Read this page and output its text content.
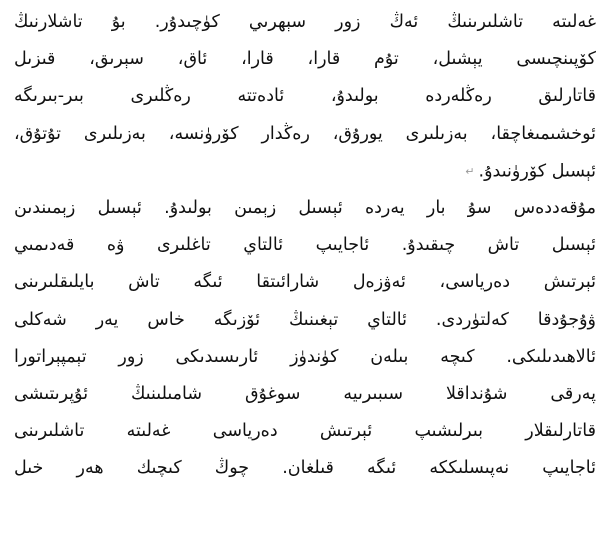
غەلىتە تاشلىرىنىڭ ئەڭ زور سېھرىي كۈچىدۇر. بۇ تاشلارنىڭ
كۆپىنچىسى يېشىل، تۇم قارا، قارا، ئاق، سېرىق، قىزىل
قاتارلىق رەڭلەردە بولىدۇ، ئادەتتە رەڭلىرى بىر-بىرىگە
ئوخشىمىغاچقا، بەزىلىرى يورۇق، رەڭدار كۆرۈنسە، بەزىلىرى تۇتۇق،
ئېسىل كۆرۈنىدۇ.↵
مۇقەددەس سۇ بار يەردە ئېسىل زېمىن بولىدۇ. ئېسىل زېمىندىن
ئېسىل تاش چىقىدۇ. ئاجايىپ ئالتاي تاغلىرى ۋە قەدىمىي
ئېرتىش دەرياسى، ئەۋزەل شارائىتقا ئىگە تاش بايلىقلىرىنى
ۋۇجۇدقا كەلتۈردى. ئالتاي تېغىنىڭ ئۆزىگە خاس يەر شەكلى
ئالاھىدىلىكى. كىچە بىلەن كۈندۈز ئارىسىدىكى زور تېمپېراتورا
پەرقى شۇنداقلا سىبىرىيە سوغۇق شامىلىنىڭ ئۇپرىتىشى
قاتارلىقلار بىرلىشىپ ئېرتىش دەرياسى غەلىتە تاشلىرىنى
ئاجايىپ نەپىسلىككە ئىگە قىلغان. چوڭ كىچىك ھەر خىل
